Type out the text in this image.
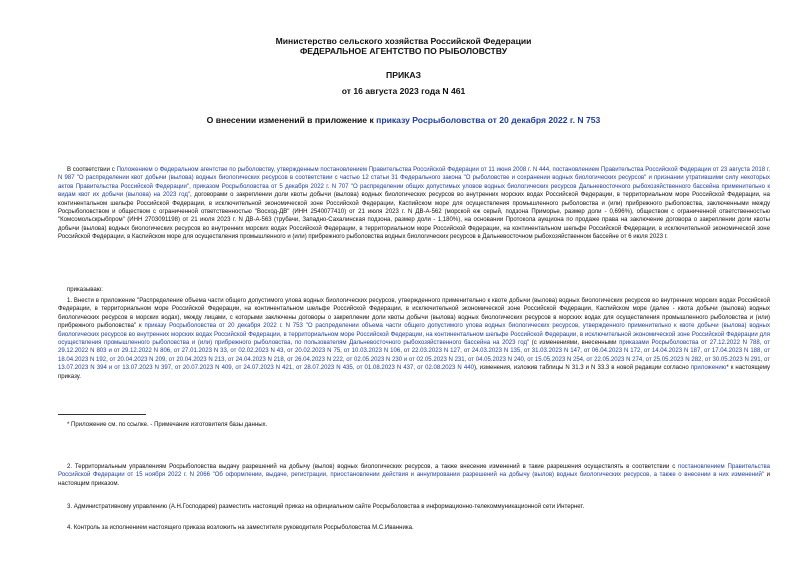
Министерство сельского хозяйства Российской Федерации
ФЕДЕРАЛЬНОЕ АГЕНТСТВО ПО РЫБОЛОВСТВУ
ПРИКАЗ
от 16 августа 2023 года N 461
О внесении изменений в приложение к приказу Росрыболовства от 20 декабря 2022 г. N 753
В соответствии с Положением о Федеральном агентстве по рыболовству, утвержденным постановлением Правительства Российской Федерации от 11 июня 2008 г. N 444, постановлением Правительства Российской Федерации от 23 августа 2018 г. N 987 "О распределении квот добычи (вылова) водных биологических ресурсов в соответствии с частью 12 статьи 31 Федерального закона "О рыболовстве и сохранении водных биологических ресурсов" и признании утратившими силу некоторых актов Правительства Российской Федерации", приказом Росрыболовства от 5 декабря 2022 г. N 707 "О распределении общих допустимых уловов водных биологических ресурсов Дальневосточного рыбохозяйственного бассейна применительно к видам квот их добычи (вылова) на 2023 год", договорами о закреплении доли квоты добычи (вылова) водных биологических ресурсов во внутренних морских водах Российской Федерации, в территориальном море Российской Федерации, на континентальном шельфе Российской Федерации, в исключительной экономической зоне Российской Федерации, Каспийском море для осуществления промышленного рыболовства и (или) прибрежного рыболовства, заключенными между Росрыболовством и обществом с ограниченной ответственностью "Восход-ДВ" (ИНН 2540077410) от 21 июля 2023 г. N ДВ-А-562 (морской еж серый, подзона Приморье, размер доли - 0,696%), обществом с ограниченной ответственностью "Комсомольскрыбпром" (ИНН 2703091198) от 21 июля 2023 г. N ДВ-А-563 (трубачи, Западно-Сахалинская подзона, размер доли - 1,180%), на основании Протокола аукциона по продаже права на заключение договора о закреплении доли квоты добычи (вылова) водных биологических ресурсов во внутренних морских водах Российской Федерации, в территориальном море Российской Федерации, на континентальном шельфе Российской Федерации, в исключительной экономической зоне Российской Федерации, в Каспийском море для осуществления промышленного и (или) прибрежного рыболовства водных биологических ресурсов в Дальневосточном рыбохозяйственном бассейне от 6 июля 2023 г.
приказываю:
1. Внести в приложение "Распределение объема части общего допустимого улова водных биологических ресурсов, утвержденного применительно к квоте добычи (вылова) водных биологических ресурсов во внутренних морских водах Российской Федерации, в территориальном море Российской Федерации, на континентальном шельфе Российской Федерации, в исключительной экономической зоне Российской Федерации, Каспийском море (далее - квота добычи (вылова) водных биологических ресурсов в морских водах), между лицами, с которыми заключены договоры о закреплении доли квоты добычи (вылова) водных биологических ресурсов в морских водах для осуществления промышленного рыболовства и (или) прибрежного рыболовства" к приказу Росрыболовства от 20 декабря 2022 г. N 753 "О распределении объема части общего допустимого улова водных биологических ресурсов, утвержденного применительно к квоте добычи (вылова) водных биологических ресурсов во внутренних морских водах Российской Федерации, в территориальном море Российской Федерации, на континентальном шельфе Российской Федерации, в исключительной экономической зоне Российской Федерации для осуществления промышленного рыболовства и (или) прибрежного рыболовства, по пользователям Дальневосточного рыбохозяйственного бассейна на 2023 год" (с изменениями, внесенными приказами Росрыболовства от 27.12.2022 N 788, от 29.12.2022 N 803 и от 29.12.2022 N 806, от 27.01.2023 N 33, от 02.02.2023 N 43, от 20.02.2023 N 75, от 10.03.2023 N 106, от 22.03.2023 N 127, от 24.03.2023 N 135, от 31.03.2023 N 147, от 06.04.2023 N 172, от 14.04.2023 N 187, от 17.04.2023 N 188, от 18.04.2023 N 192, от 20.04.2023 N 209, от 20.04.2023 N 213, от 24.04.2023 N 218, от 26.04.2023 N 222, от 02.05.2023 N 230 и от 02.05.2023 N 231, от 04.05.2023 N 240, от 15.05.2023 N 254, от 22.05.2023 N 274, от 25.05.2023 N 282, от 30.05.2023 N 291, от 13.07.2023 N 394 и от 13.07.2023 N 397, от 20.07.2023 N 409, от 24.07.2023 N 421, от 28.07.2023 N 435, от 01.08.2023 N 437, от 02.08.2023 N 440), изменения, изложив таблицы N 31.3 и N 33.3 в новой редакции согласно приложению* к настоящему приказу.
* Приложение см. по ссылке. - Примечание изготовителя базы данных.
2. Территориальным управлениям Росрыболовства выдачу разрешений на добычу (вылов) водных биологических ресурсов, а также внесение изменений в такие разрешения осуществлять в соответствии с постановлением Правительства Российской Федерации от 15 ноября 2022 г. N 2066 "Об оформлении, выдаче, регистрации, приостановлении действия и аннулировании разрешений на добычу (вылов) водных биологических ресурсов, а также о внесении в них изменений" и настоящим приказом.
3. Административному управлению (А.Н.Господарев) разместить настоящий приказ на официальном сайте Росрыболовства в информационно-телекоммуникационной сети Интернет.
4. Контроль за исполнением настоящего приказа возложить на заместителя руководителя Росрыболовства М.С.Иванника.
